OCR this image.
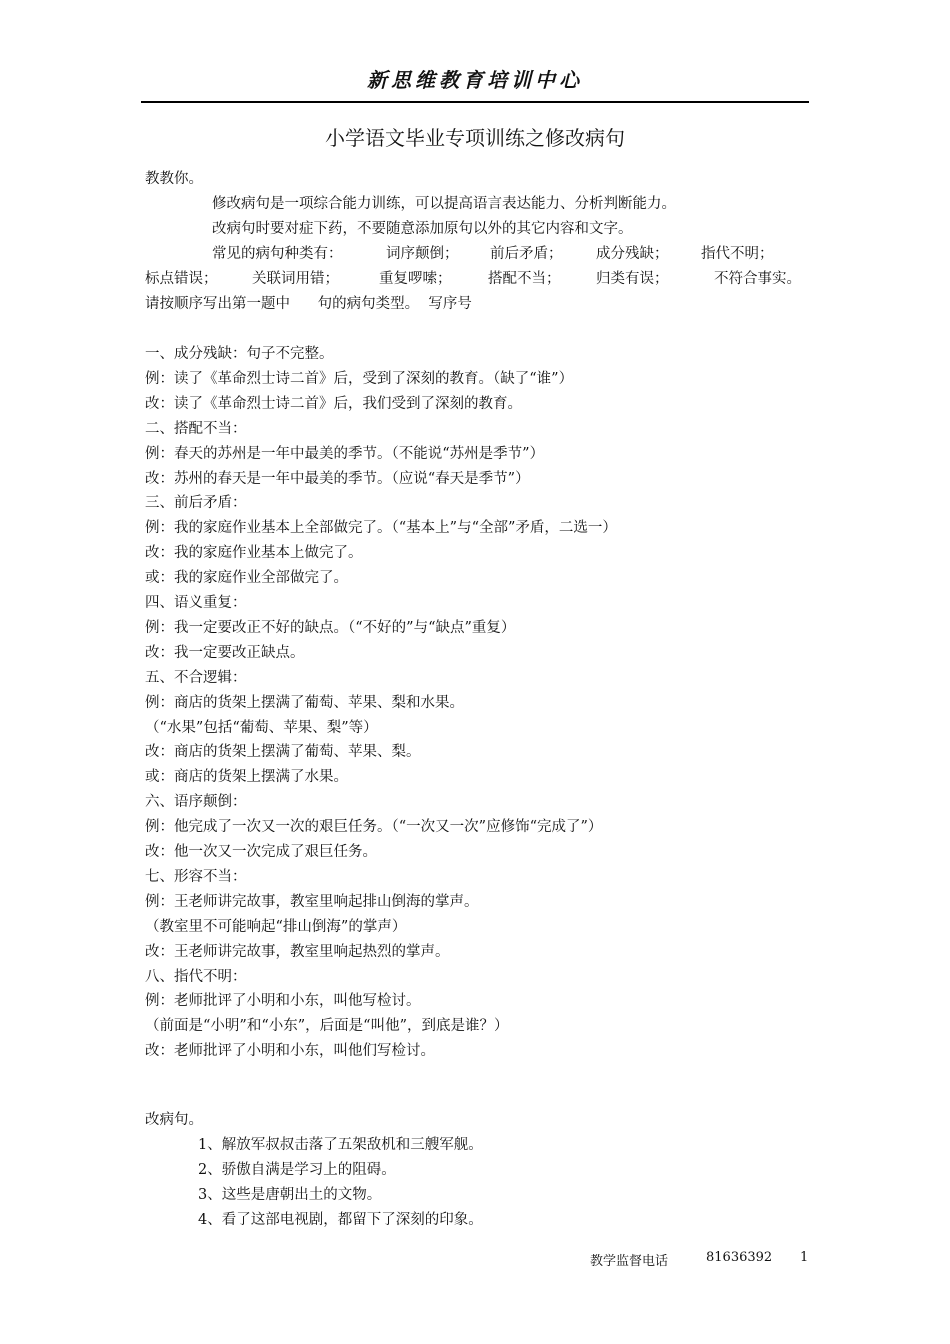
新思维教育培训中心
小学语文毕业专项训练之修改病句
教教你。
修改病句是一项综合能力训练，可以提高语言表达能力、分析判断能力。
改病句时要对症下药，不要随意添加原句以外的其它内容和文字。
常见的病句种类有：	词序颠倒； 前后矛盾； 成分残缺； 指代不明；
标点错误； 关联词用错；	重复啰嗦；	搭配不当； 归类有误；	不符合事实。
请按顺序写出第一题中      句的病句类型。  写序号
一、成分残缺：句子不完整。
例：读了《革命烈士诗二首》后，受到了深刻的教育。（缺了“谁”）
改：读了《革命烈士诗二首》后，我们受到了深刻的教育。
二、搭配不当：
例：春天的苏州是一年中最美的季节。（不能说“苏州是季节”）
改：苏州的春天是一年中最美的季节。（应说“春天是季节”）
三、前后矛盾：
例：我的家庭作业基本上全部做完了。（“基本上”与“全部”矛盾，二选一）
改：我的家庭作业基本上做完了。
或：我的家庭作业全部做完了。
四、语义重复：
例：我一定要改正不好的缺点。（“不好的”与“缺点”重复）
改：我一定要改正缺点。
五、不合逻辑：
例：商店的货架上摆满了葡萄、苹果、梨和水果。
（“水果”包括“葡萄、苹果、梨”等）
改：商店的货架上摆满了葡萄、苹果、梨。
或：商店的货架上摆满了水果。
六、语序颠倒：
例：他完成了一次又一次的艰巨任务。（“一次又一次”应修饰“完成了”）
改：他一次又一次完成了艰巨任务。
七、形容不当：
例：王老师讲完故事，教室里响起排山倒海的掌声。
（教室里不可能响起“排山倒海”的掌声）
改：王老师讲完故事，教室里响起热烈的掌声。
八、指代不明：
例：老师批评了小明和小东，叫他写检讨。
（前面是“小明”和“小东”，后面是“叫他”，到底是谁？）
改：老师批评了小明和小东，叫他们写检讨。
改病句。
1、解放军叔叔击落了五架敌机和三艘军舰。
2、骄傲自满是学习上的阻碍。
3、这些是唐朝出土的文物。
4、看了这部电视剧，都留下了深刻的印象。
教学监督电话	81636392 1
